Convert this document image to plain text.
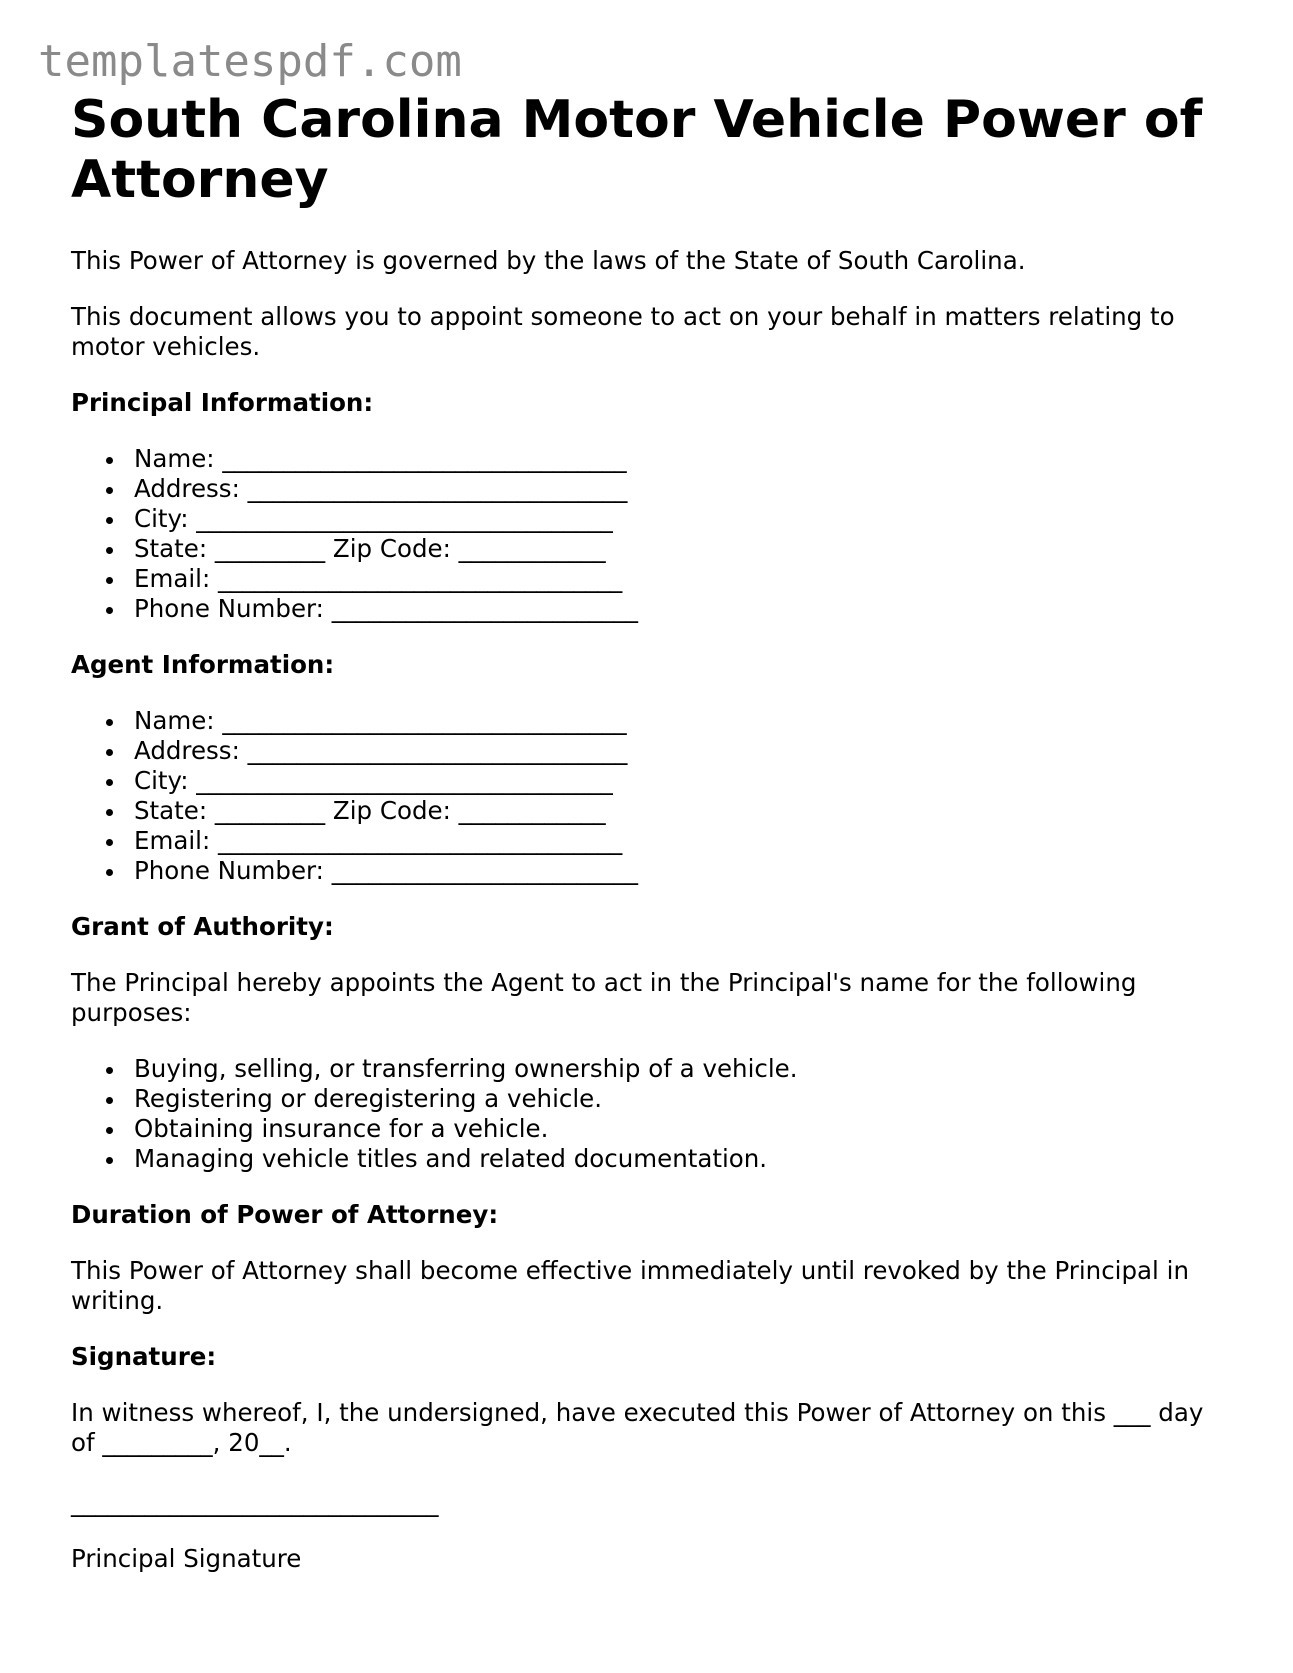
templatespdf.com
South Carolina Motor Vehicle Power of Attorney

This Power of Attorney is governed by the laws of the State of South Carolina.

This document allows you to appoint someone to act on your behalf in matters relating to motor vehicles.

Principal Information:
Name: _________________________________
Address: _______________________________
City: __________________________________
State: _________ Zip Code: ____________
Email: _________________________________
Phone Number: _________________________
Agent Information:
Name: _________________________________
Address: _______________________________
City: __________________________________
State: _________ Zip Code: ____________
Email: _________________________________
Phone Number: _________________________
Grant of Authority:

The Principal hereby appoints the Agent to act in the Principal's name for the following purposes:

Buying, selling, or transferring ownership of a vehicle.
Registering or deregistering a vehicle.
Obtaining insurance for a vehicle.
Managing vehicle titles and related documentation.
Duration of Power of Attorney:

This Power of Attorney shall become effective immediately until revoked by the Principal in writing.

Signature:

In witness whereof, I, the undersigned, have executed this Power of Attorney on this ___ day of _________, 20__.

______________________________
Principal Signature
